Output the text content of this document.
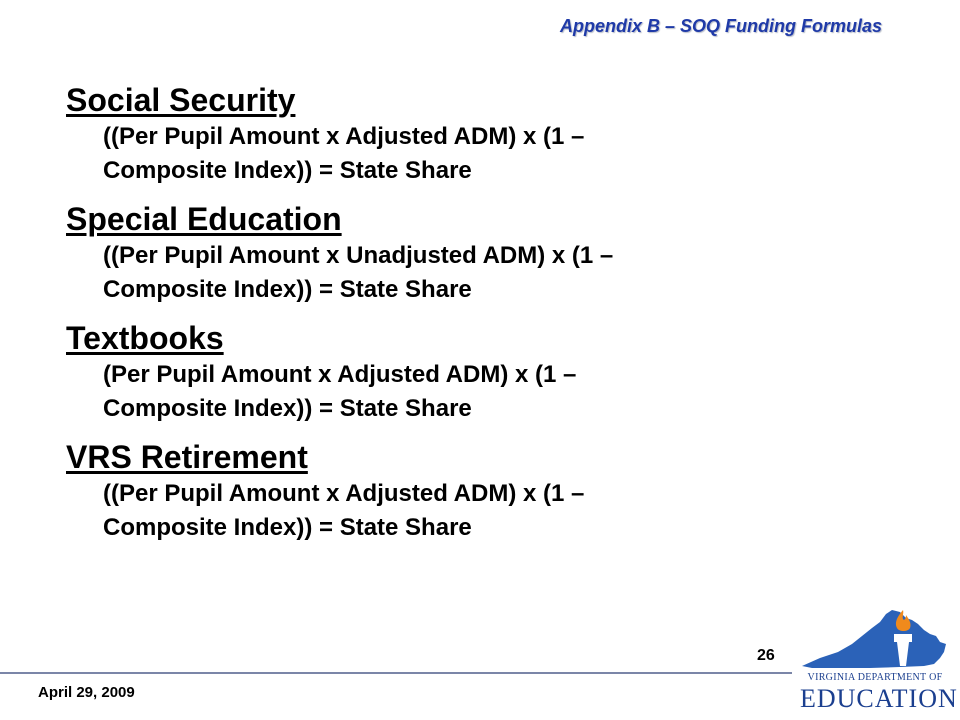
Appendix B – SOQ Funding Formulas
Social Security
((Per Pupil Amount x Adjusted ADM) x (1 –
Composite Index)) = State Share
Special Education
((Per Pupil Amount x Unadjusted ADM) x (1 –
Composite Index)) = State Share
Textbooks
(Per Pupil Amount x Adjusted ADM) x (1 –
Composite Index)) = State Share
VRS Retirement
((Per Pupil Amount x Adjusted ADM) x (1 –
Composite Index)) = State Share
26
April 29, 2009
VIRGINIA DEPARTMENT OF
EDUCATION
